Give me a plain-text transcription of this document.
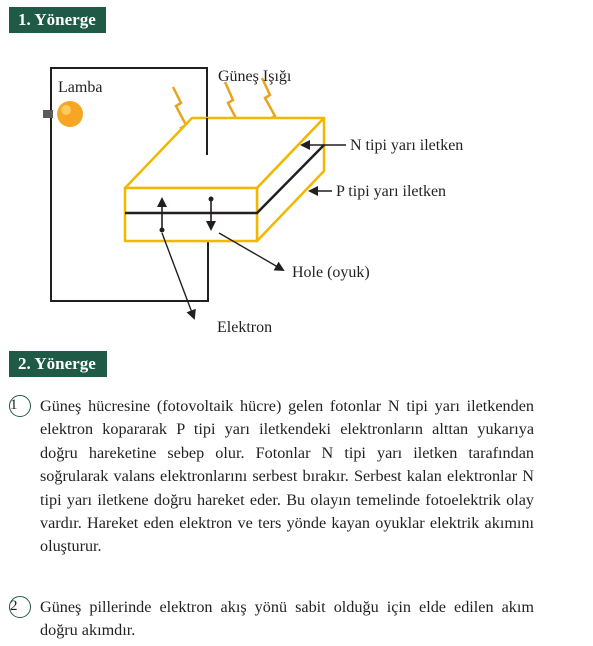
1. Yönerge
Lamba
Güneş Işığı
N tipi yarı iletken
P tipi yarı iletken
Hole (oyuk)
Elektron
2. Yönerge
1	Güneş hücresine (fotovoltaik hücre) gelen fotonlar N tipi yarı iletkenden elektron kopararak P tipi yarı iletkendeki elektronların alttan yukarıya doğru hareketine sebep olur. Fotonlar N tipi yarı iletken tarafından soğrularak valans elektronlarını serbest bırakır. Serbest kalan elektronlar N tipi yarı iletkene doğru hareket eder. Bu olayın temelinde fotoelektrik olay vardır. Hareket eden elektron ve ters yönde kayan oyuklar elektrik akımını oluşturur.
2	Güneş pillerinde elektron akış yönü sabit olduğu için elde edilen akım doğru akımdır.
